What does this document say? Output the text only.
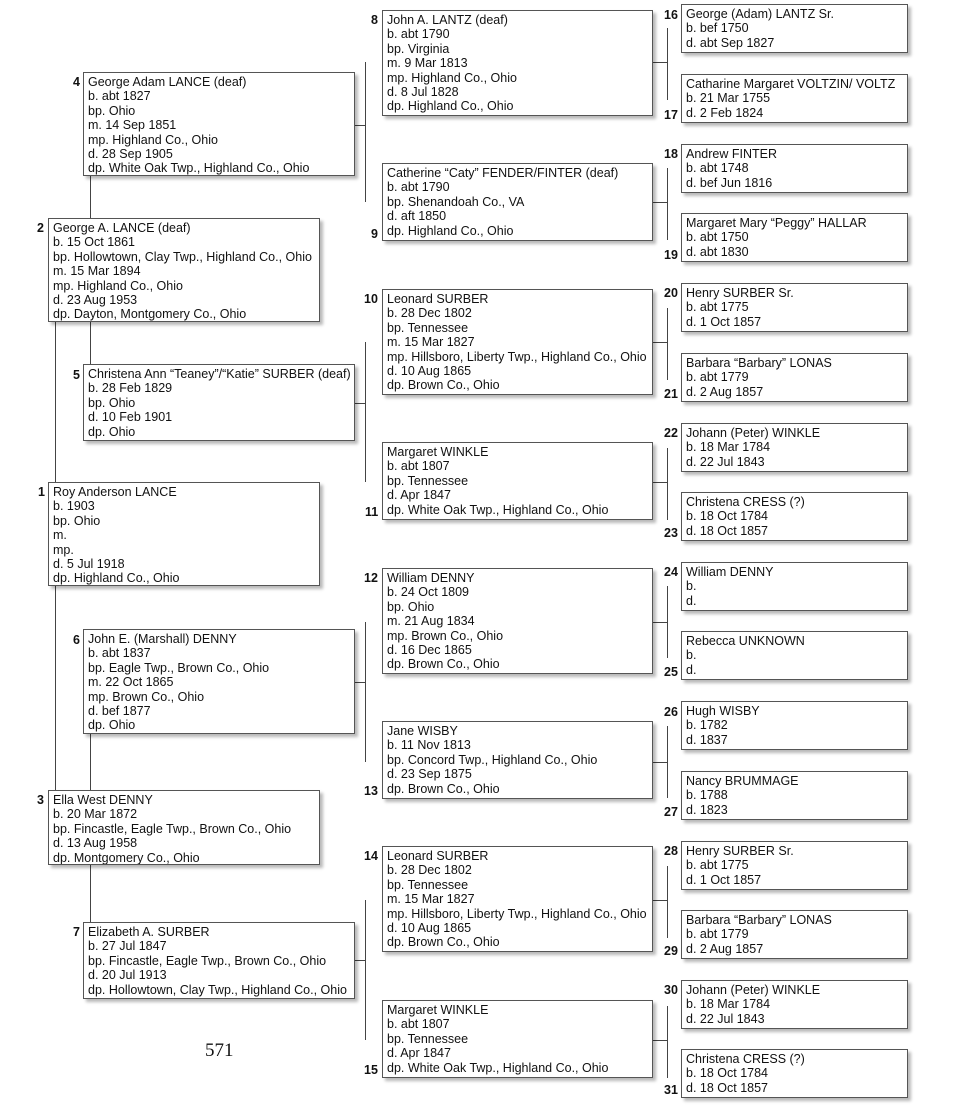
1 Roy Anderson LANCE
b. 1903
bp. Ohio
m.
mp.
d. 5 Jul 1918
dp. Highland Co., Ohio
2 George A. LANCE (deaf)
b. 15 Oct 1861
bp. Hollowtown, Clay Twp., Highland Co., Ohio
m. 15 Mar 1894
mp. Highland Co., Ohio
d. 23 Aug 1953
dp. Dayton, Montgomery Co., Ohio
3 Ella West DENNY
b. 20 Mar 1872
bp. Fincastle, Eagle Twp., Brown Co., Ohio
d. 13 Aug 1958
dp. Montgomery Co., Ohio
4 George Adam LANCE (deaf)
b. abt 1827
bp. Ohio
m. 14 Sep 1851
mp. Highland Co., Ohio
d. 28 Sep 1905
dp. White Oak Twp., Highland Co., Ohio
5 Christena Ann “Teaney”/“Katie” SURBER (deaf)
b. 28 Feb 1829
bp. Ohio
d. 10 Feb 1901
dp. Ohio
6 John E. (Marshall) DENNY
b. abt 1837
bp. Eagle Twp., Brown Co., Ohio
m. 22 Oct 1865
mp. Brown Co., Ohio
d. bef 1877
dp. Ohio
7 Elizabeth A. SURBER
b. 27 Jul 1847
bp. Fincastle, Eagle Twp., Brown Co., Ohio
d. 20 Jul 1913
dp. Hollowtown, Clay Twp., Highland Co., Ohio
8 John A. LANTZ (deaf)
b. abt 1790
bp. Virginia
m. 9 Mar 1813
mp. Highland Co., Ohio
d. 8 Jul 1828
dp. Highland Co., Ohio
9
Catherine “Caty” FENDER/FINTER (deaf)
b. abt 1790
bp. Shenandoah Co., VA
d. aft 1850
dp. Highland Co., Ohio
10 Leonard SURBER
b. 28 Dec 1802
bp. Tennessee
m. 15 Mar 1827
mp. Hillsboro, Liberty Twp., Highland Co., Ohio
d. 10 Aug 1865
dp. Brown Co., Ohio
11
Margaret WINKLE
b. abt 1807
bp. Tennessee
d. Apr 1847
dp. White Oak Twp., Highland Co., Ohio
12 William DENNY
b. 24 Oct 1809
bp. Ohio
m. 21 Aug 1834
mp. Brown Co., Ohio
d. 16 Dec 1865
dp. Brown Co., Ohio
13
Jane WISBY
b. 11 Nov 1813
bp. Concord Twp., Highland Co., Ohio
d. 23 Sep 1875
dp. Brown Co., Ohio
14 Leonard SURBER
b. 28 Dec 1802
bp. Tennessee
m. 15 Mar 1827
mp. Hillsboro, Liberty Twp., Highland Co., Ohio
d. 10 Aug 1865
dp. Brown Co., Ohio
15
Margaret WINKLE
b. abt 1807
bp. Tennessee
d. Apr 1847
dp. White Oak Twp., Highland Co., Ohio
16 George (Adam) LANTZ Sr.
b. bef 1750
d. abt Sep 1827
17
Catharine Margaret VOLTZIN/ VOLTZ
b. 21 Mar 1755
d. 2 Feb 1824
18 Andrew FINTER
b. abt 1748
d. bef Jun 1816
19
Margaret Mary “Peggy” HALLAR
b. abt 1750
d. abt 1830
20 Henry SURBER Sr.
b. abt 1775
d. 1 Oct 1857
21
Barbara “Barbary” LONAS
b. abt 1779
d. 2 Aug 1857
22 Johann (Peter) WINKLE
b. 18 Mar 1784
d. 22 Jul 1843
23
Christena CRESS (?)
b. 18 Oct 1784
d. 18 Oct 1857
24 William DENNY
b.
d.
25
Rebecca UNKNOWN
b.
d.
26 Hugh WISBY
b. 1782
d. 1837
27
Nancy BRUMMAGE
b. 1788
d. 1823
28 Henry SURBER Sr.
b. abt 1775
d. 1 Oct 1857
29
Barbara “Barbary” LONAS
b. abt 1779
d. 2 Aug 1857
30 Johann (Peter) WINKLE
b. 18 Mar 1784
d. 22 Jul 1843
31
Christena CRESS (?)
b. 18 Oct 1784
d. 18 Oct 1857
571
